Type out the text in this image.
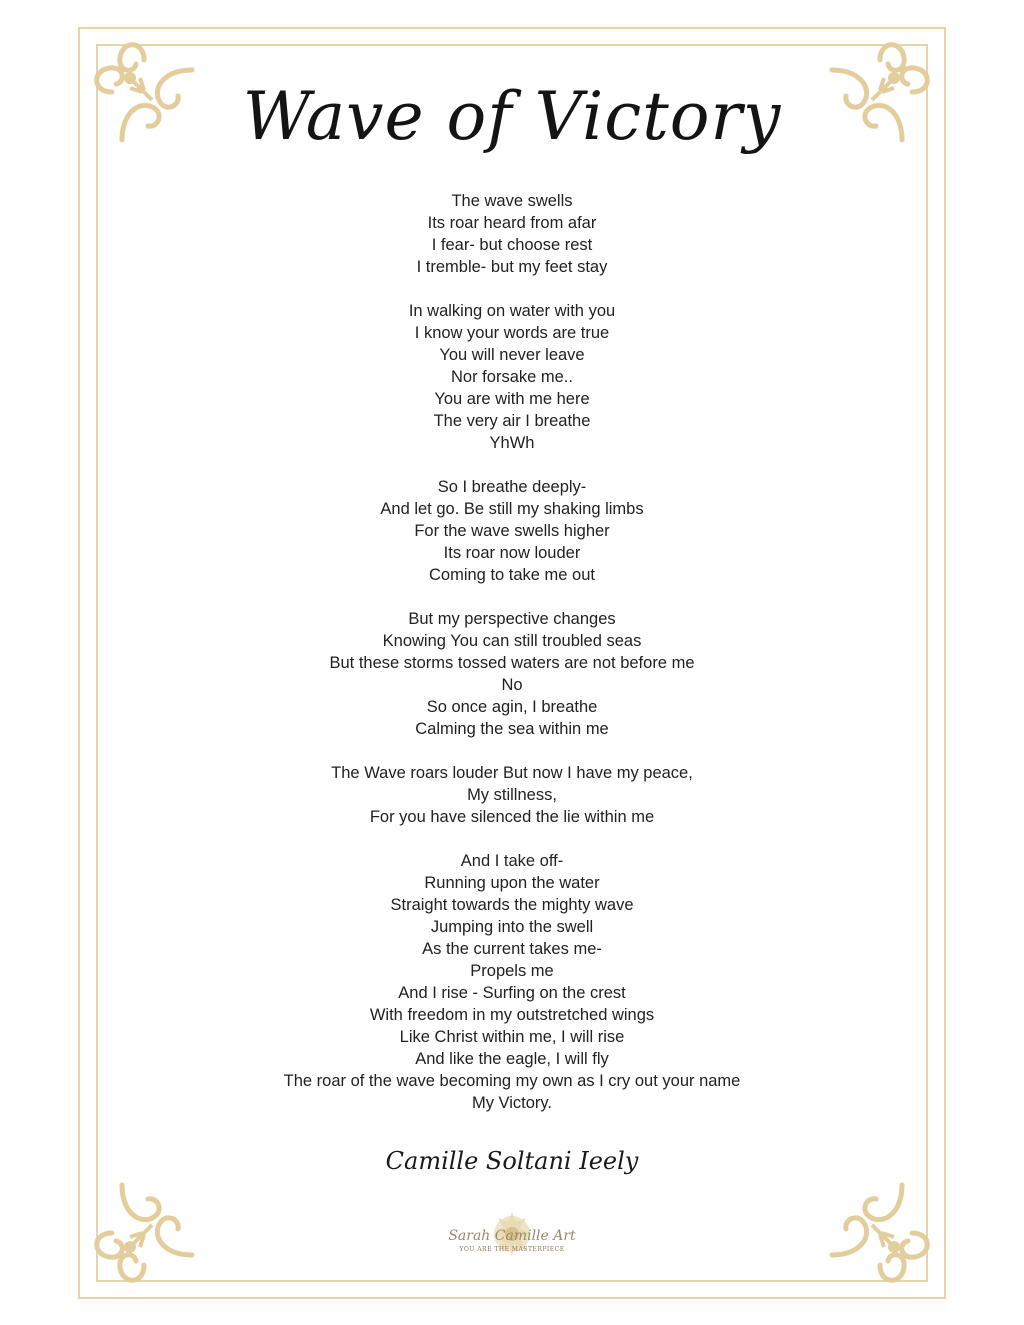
Wave of Victory
The wave swells
Its roar heard from afar
I fear- but choose rest
I tremble- but my feet stay
In walking on water with you
I know your words are true
You will never leave
Nor forsake me..
You are with me here
The very air I breathe
YhWh
So I breathe deeply-
And let go. Be still my shaking limbs
For the wave swells higher
Its roar now louder
Coming to take me out
But my perspective changes
Knowing You can still troubled seas
But these storms tossed waters are not before me
No
So once agin, I breathe
Calming the sea within me
The Wave roars louder But now I have my peace,
My stillness,
For you have silenced the lie within me
And I take off-
Running upon the water
Straight towards the mighty wave
Jumping into the swell
As the current takes me-
Propels me
And I rise - Surfing on the crest
With freedom in my outstretched wings
Like Christ within me, I will rise
And like the eagle, I will fly
The roar of the wave becoming my own as I cry out your name
My Victory.
Camille Soltani Ieely
Sarah Camille Art
YOU ARE THE MASTERPIECE
